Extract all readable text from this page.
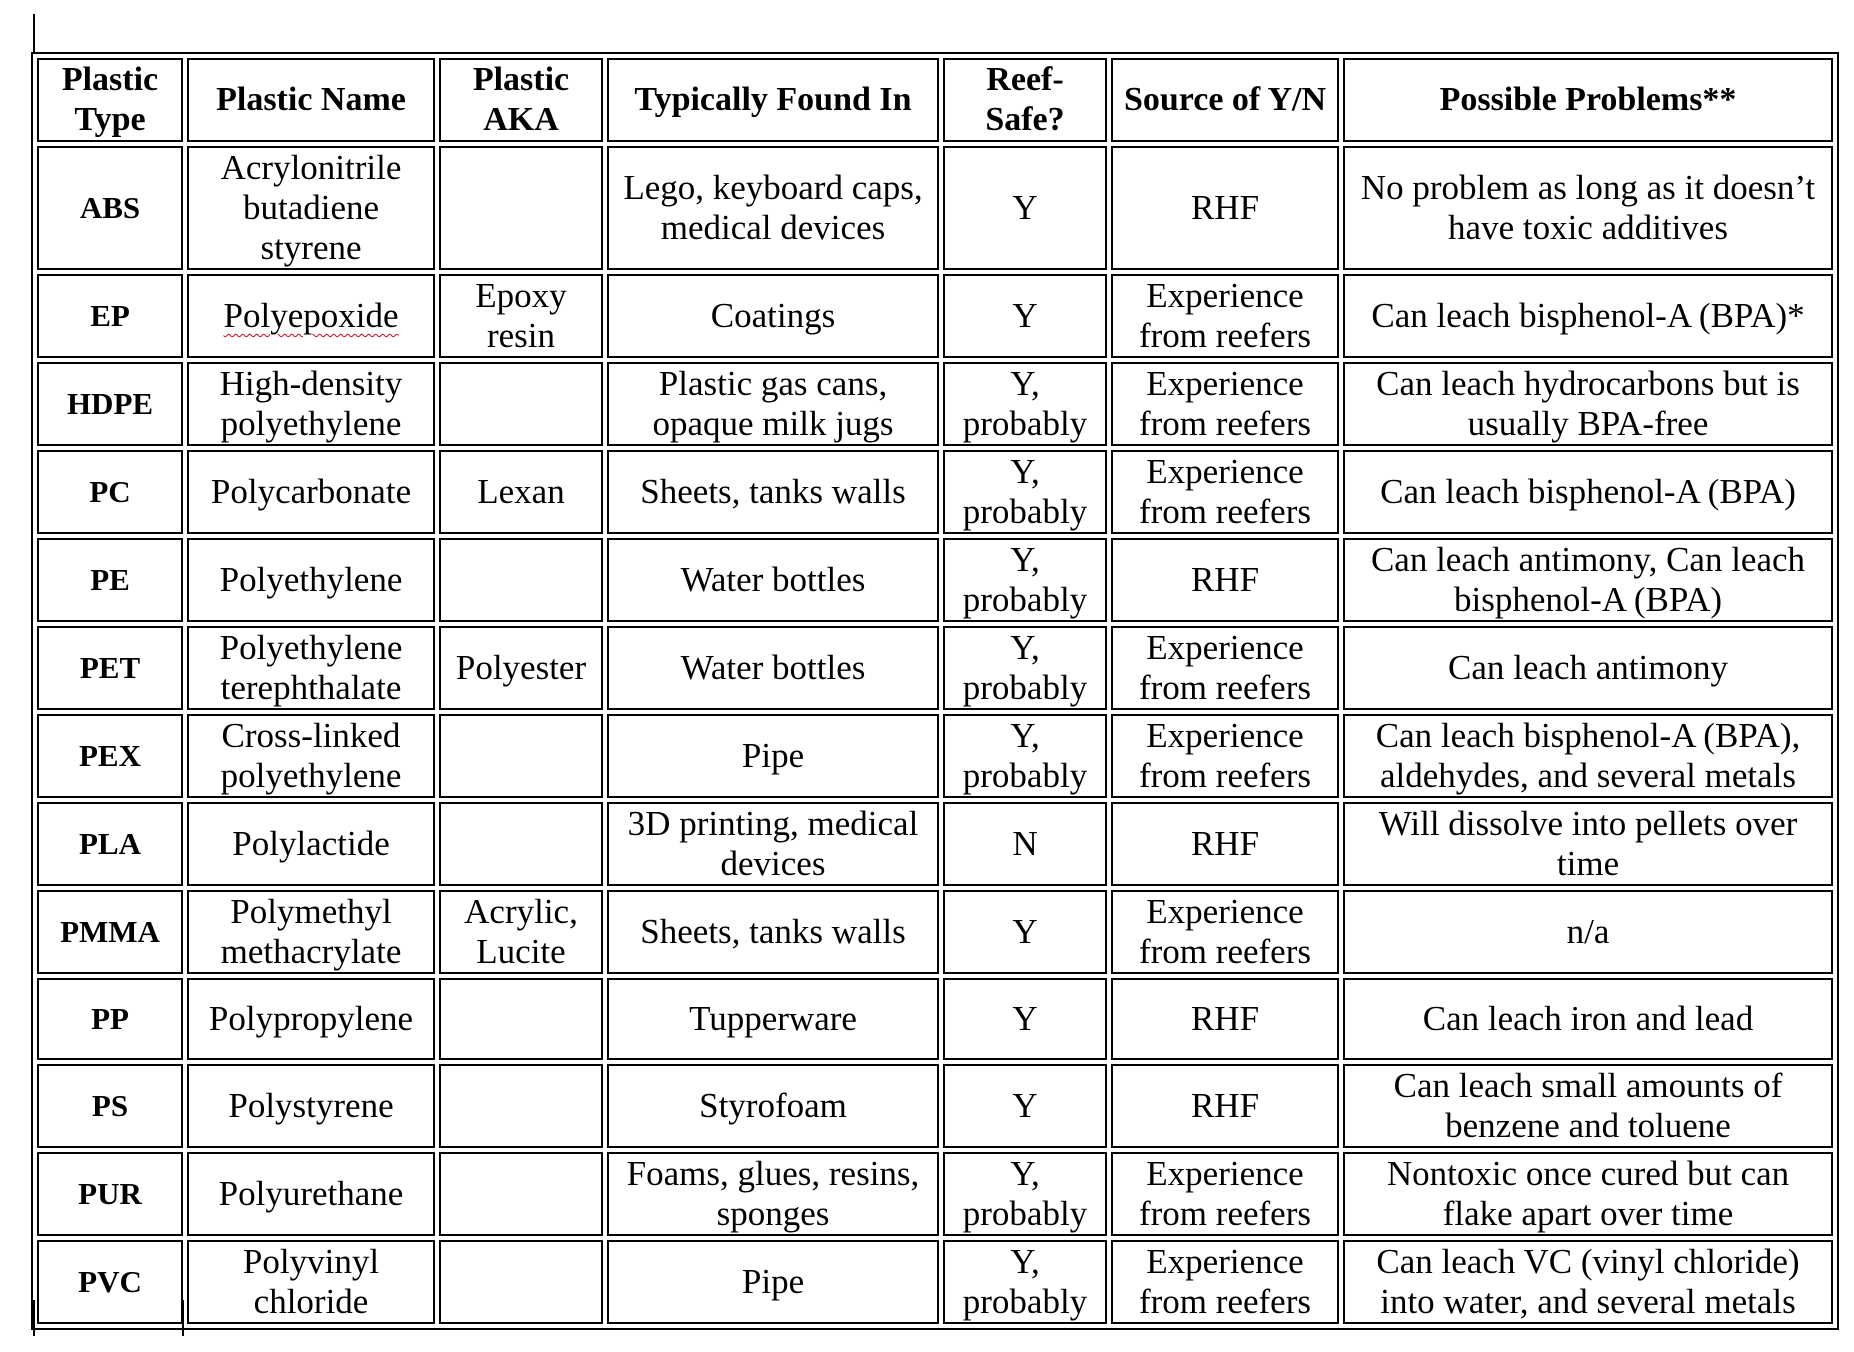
Plastic Type	Plastic Name	Plastic AKA	Typically Found In	Reef-Safe?	Source of Y/N	Possible Problems**
ABS	Acrylonitrile butadiene styrene		Lego, keyboard caps, medical devices	Y	RHF	No problem as long as it doesn’t have toxic additives
EP	Polyepoxide	Epoxy resin	Coatings	Y	Experience from reefers	Can leach bisphenol-A (BPA)*
HDPE	High-density polyethylene		Plastic gas cans, opaque milk jugs	Y, probably	Experience from reefers	Can leach hydrocarbons but is usually BPA-free
PC	Polycarbonate	Lexan	Sheets, tanks walls	Y, probably	Experience from reefers	Can leach bisphenol-A (BPA)
PE	Polyethylene		Water bottles	Y, probably	RHF	Can leach antimony, Can leach bisphenol-A (BPA)
PET	Polyethylene terephthalate	Polyester	Water bottles	Y, probably	Experience from reefers	Can leach antimony
PEX	Cross-linked polyethylene		Pipe	Y, probably	Experience from reefers	Can leach bisphenol-A (BPA), aldehydes, and several metals
PLA	Polylactide		3D printing, medical devices	N	RHF	Will dissolve into pellets over time
PMMA	Polymethyl methacrylate	Acrylic, Lucite	Sheets, tanks walls	Y	Experience from reefers	n/a
PP	Polypropylene		Tupperware	Y	RHF	Can leach iron and lead
PS	Polystyrene		Styrofoam	Y	RHF	Can leach small amounts of benzene and toluene
PUR	Polyurethane		Foams, glues, resins, sponges	Y, probably	Experience from reefers	Nontoxic once cured but can flake apart over time
PVC	Polyvinyl chloride		Pipe	Y, probably	Experience from reefers	Can leach VC (vinyl chloride) into water, and several metals
